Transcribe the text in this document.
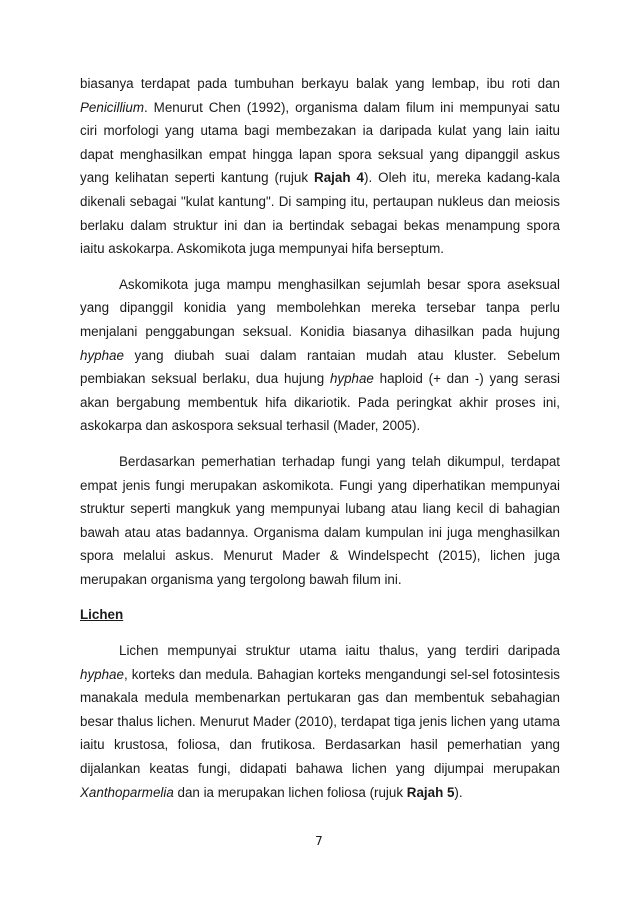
biasanya terdapat pada tumbuhan berkayu balak yang lembap, ibu roti dan Penicillium. Menurut Chen (1992), organisma dalam filum ini mempunyai satu ciri morfologi yang utama bagi membezakan ia daripada kulat yang lain iaitu dapat menghasilkan empat hingga lapan spora seksual yang dipanggil askus yang kelihatan seperti kantung (rujuk Rajah 4). Oleh itu, mereka kadang-kala dikenali sebagai "kulat kantung". Di samping itu, pertaupan nukleus dan meiosis berlaku dalam struktur ini dan ia bertindak sebagai bekas menampung spora iaitu askokarpa. Askomikota juga mempunyai hifa berseptum.

Askomikota juga mampu menghasilkan sejumlah besar spora aseksual yang dipanggil konidia yang membolehkan mereka tersebar tanpa perlu menjalani penggabungan seksual. Konidia biasanya dihasilkan pada hujung hyphae yang diubah suai dalam rantaian mudah atau kluster. Sebelum pembiakan seksual berlaku, dua hujung hyphae haploid (+ dan -) yang serasi akan bergabung membentuk hifa dikariotik. Pada peringkat akhir proses ini, askokarpa dan askospora seksual terhasil (Mader, 2005).

Berdasarkan pemerhatian terhadap fungi yang telah dikumpul, terdapat empat jenis fungi merupakan askomikota. Fungi yang diperhatikan mempunyai struktur seperti mangkuk yang mempunyai lubang atau liang kecil di bahagian bawah atau atas badannya. Organisma dalam kumpulan ini juga menghasilkan spora melalui askus. Menurut Mader & Windelspecht (2015), lichen juga merupakan organisma yang tergolong bawah filum ini.

Lichen

Lichen mempunyai struktur utama iaitu thalus, yang terdiri daripada hyphae, korteks dan medula. Bahagian korteks mengandungi sel-sel fotosintesis manakala medula membenarkan pertukaran gas dan membentuk sebahagian besar thalus lichen. Menurut Mader (2010), terdapat tiga jenis lichen yang utama iaitu krustosa, foliosa, dan frutikosa. Berdasarkan hasil pemerhatian yang dijalankan keatas fungi, didapati bahawa lichen yang dijumpai merupakan Xanthoparmelia dan ia merupakan lichen foliosa (rujuk Rajah 5).

7
